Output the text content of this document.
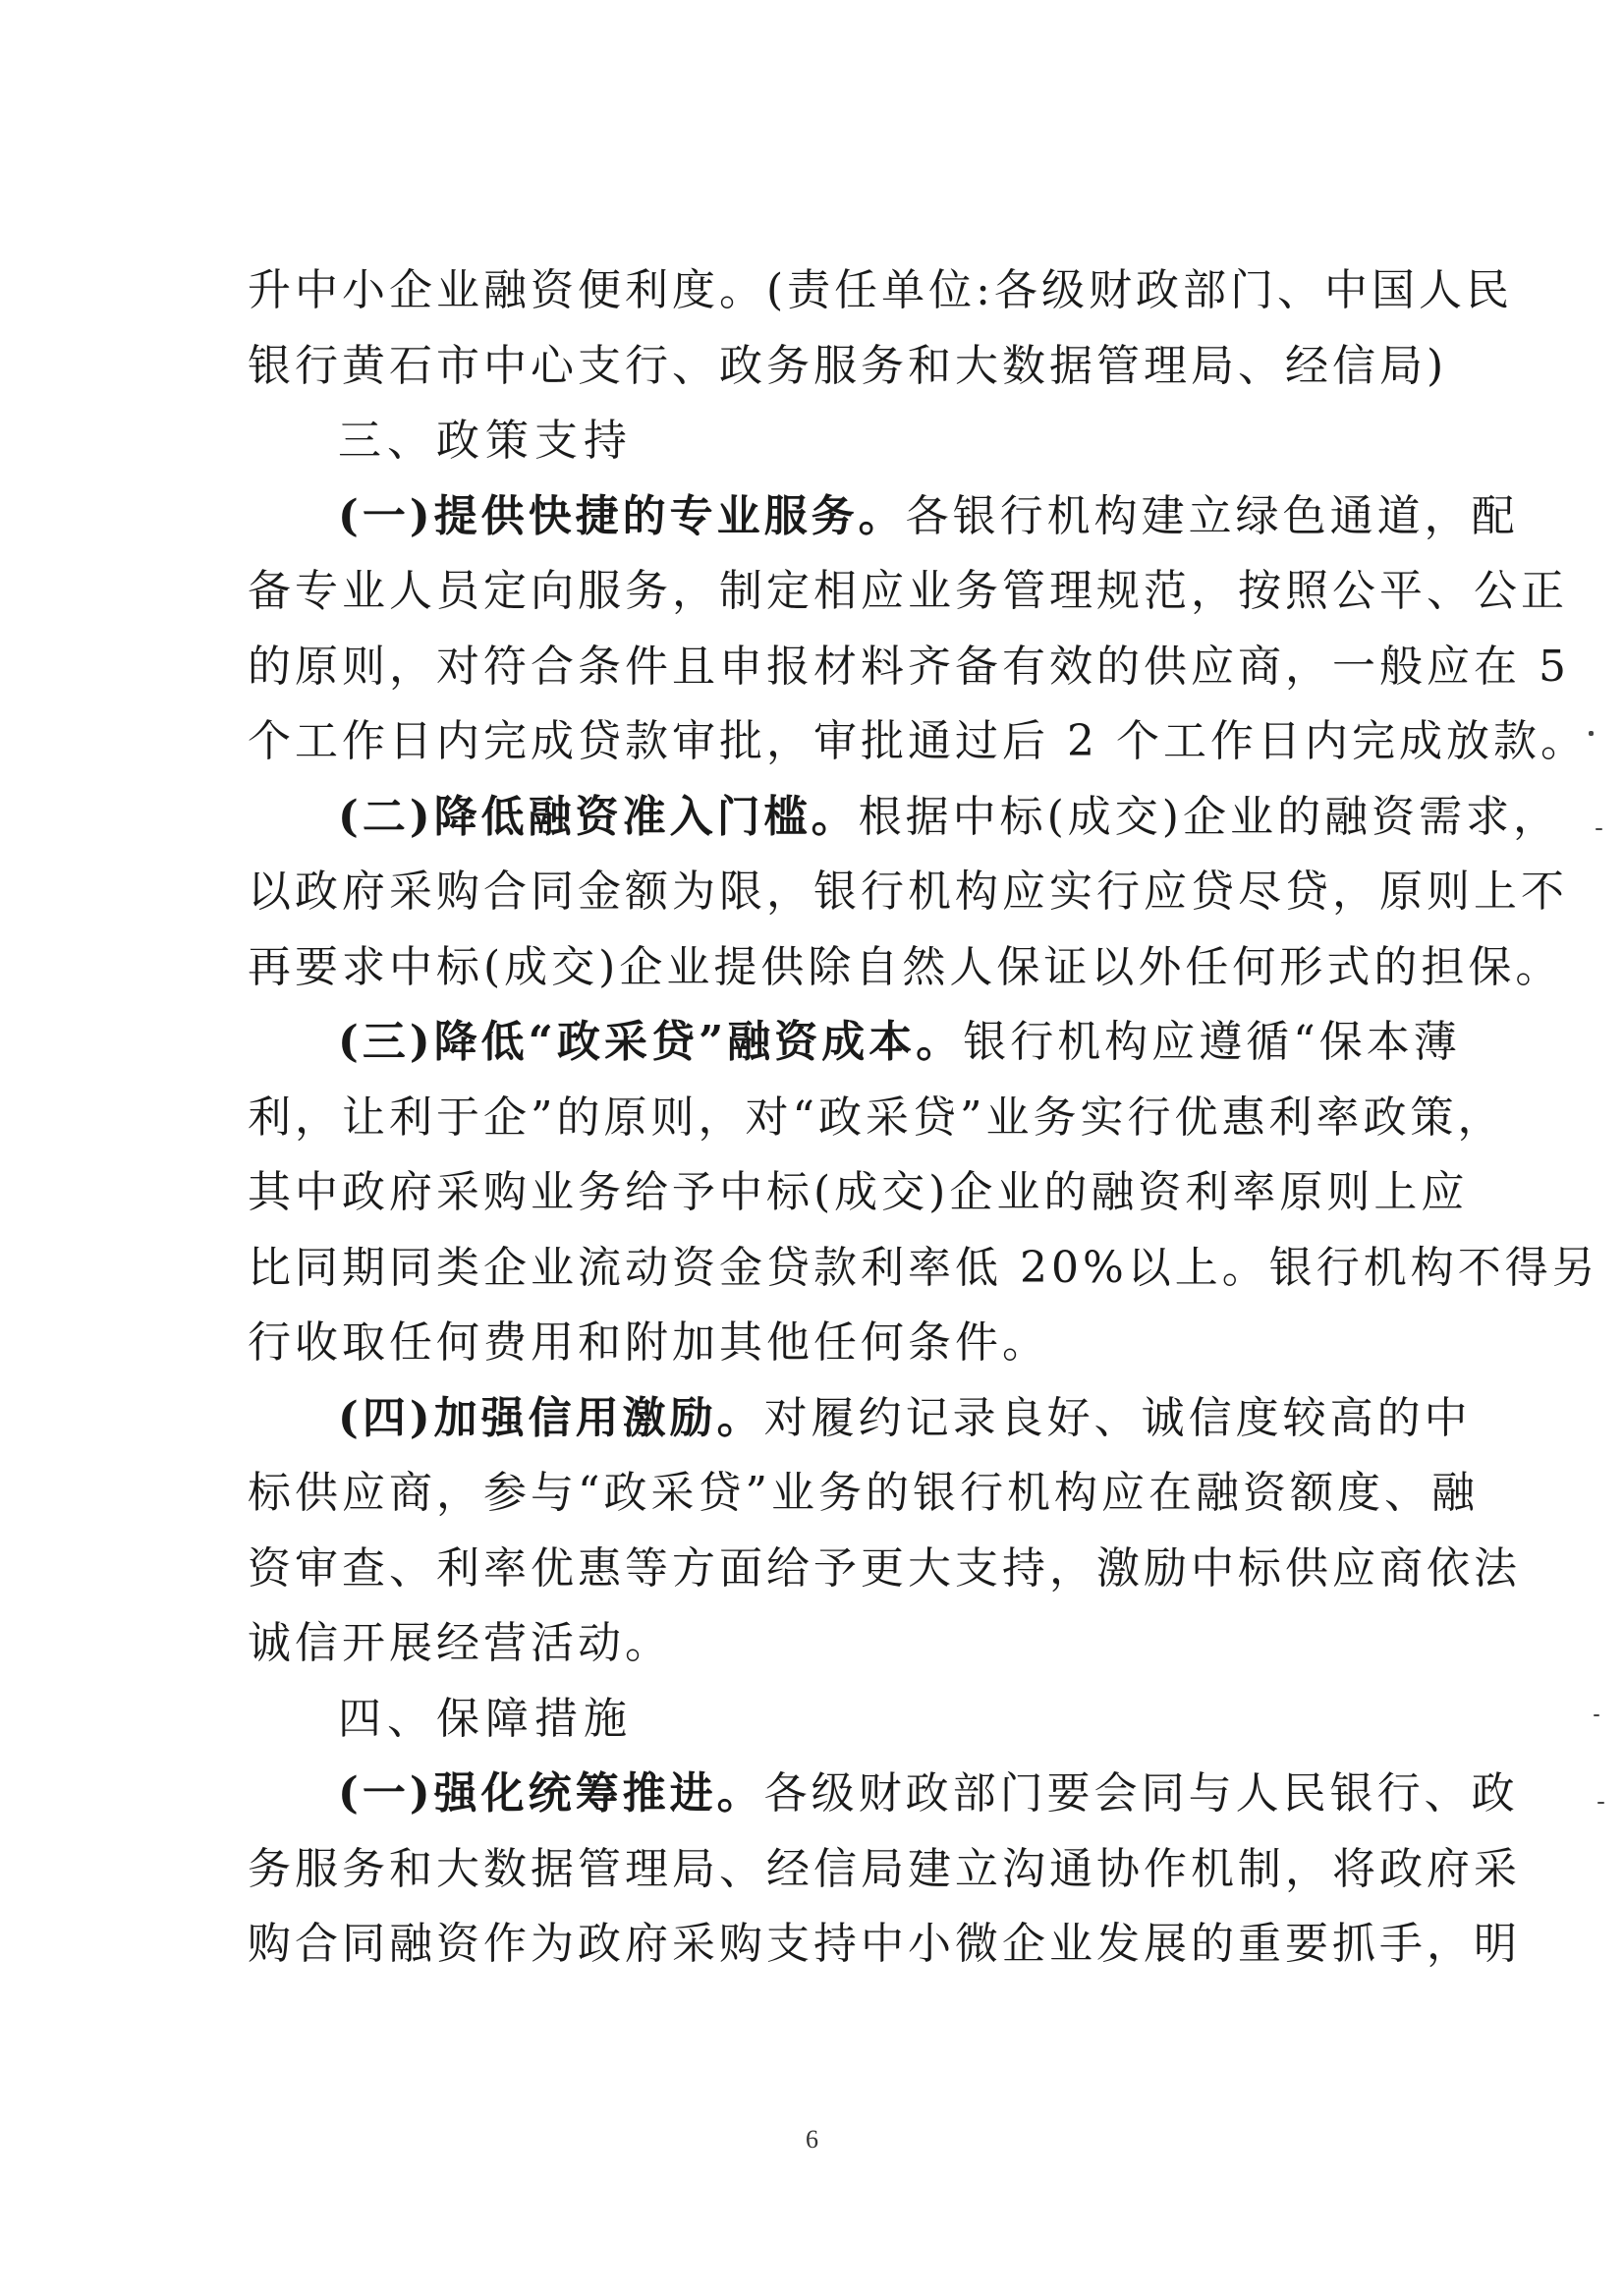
升中小企业融资便利度。(责任单位:各级财政部门、中国人民
银行黄石市中心支行、政务服务和大数据管理局、经信局)
三、政策支持
(一)提供快捷的专业服务。各银行机构建立绿色通道，配
备专业人员定向服务，制定相应业务管理规范，按照公平、公正
的原则，对符合条件且申报材料齐备有效的供应商，一般应在 5
个工作日内完成贷款审批，审批通过后 2 个工作日内完成放款。
(二)降低融资准入门槛。根据中标(成交)企业的融资需求，
以政府采购合同金额为限，银行机构应实行应贷尽贷，原则上不
再要求中标(成交)企业提供除自然人保证以外任何形式的担保。
(三)降低“政采贷”融资成本。银行机构应遵循“保本薄
利，让利于企”的原则，对“政采贷”业务实行优惠利率政策，
其中政府采购业务给予中标(成交)企业的融资利率原则上应
比同期同类企业流动资金贷款利率低 20%以上。银行机构不得另
行收取任何费用和附加其他任何条件。
(四)加强信用激励。对履约记录良好、诚信度较高的中
标供应商，参与“政采贷”业务的银行机构应在融资额度、融
资审查、利率优惠等方面给予更大支持，激励中标供应商依法
诚信开展经营活动。
四、保障措施
(一)强化统筹推进。各级财政部门要会同与人民银行、政
务服务和大数据管理局、经信局建立沟通协作机制，将政府采
购合同融资作为政府采购支持中小微企业发展的重要抓手，明
6
